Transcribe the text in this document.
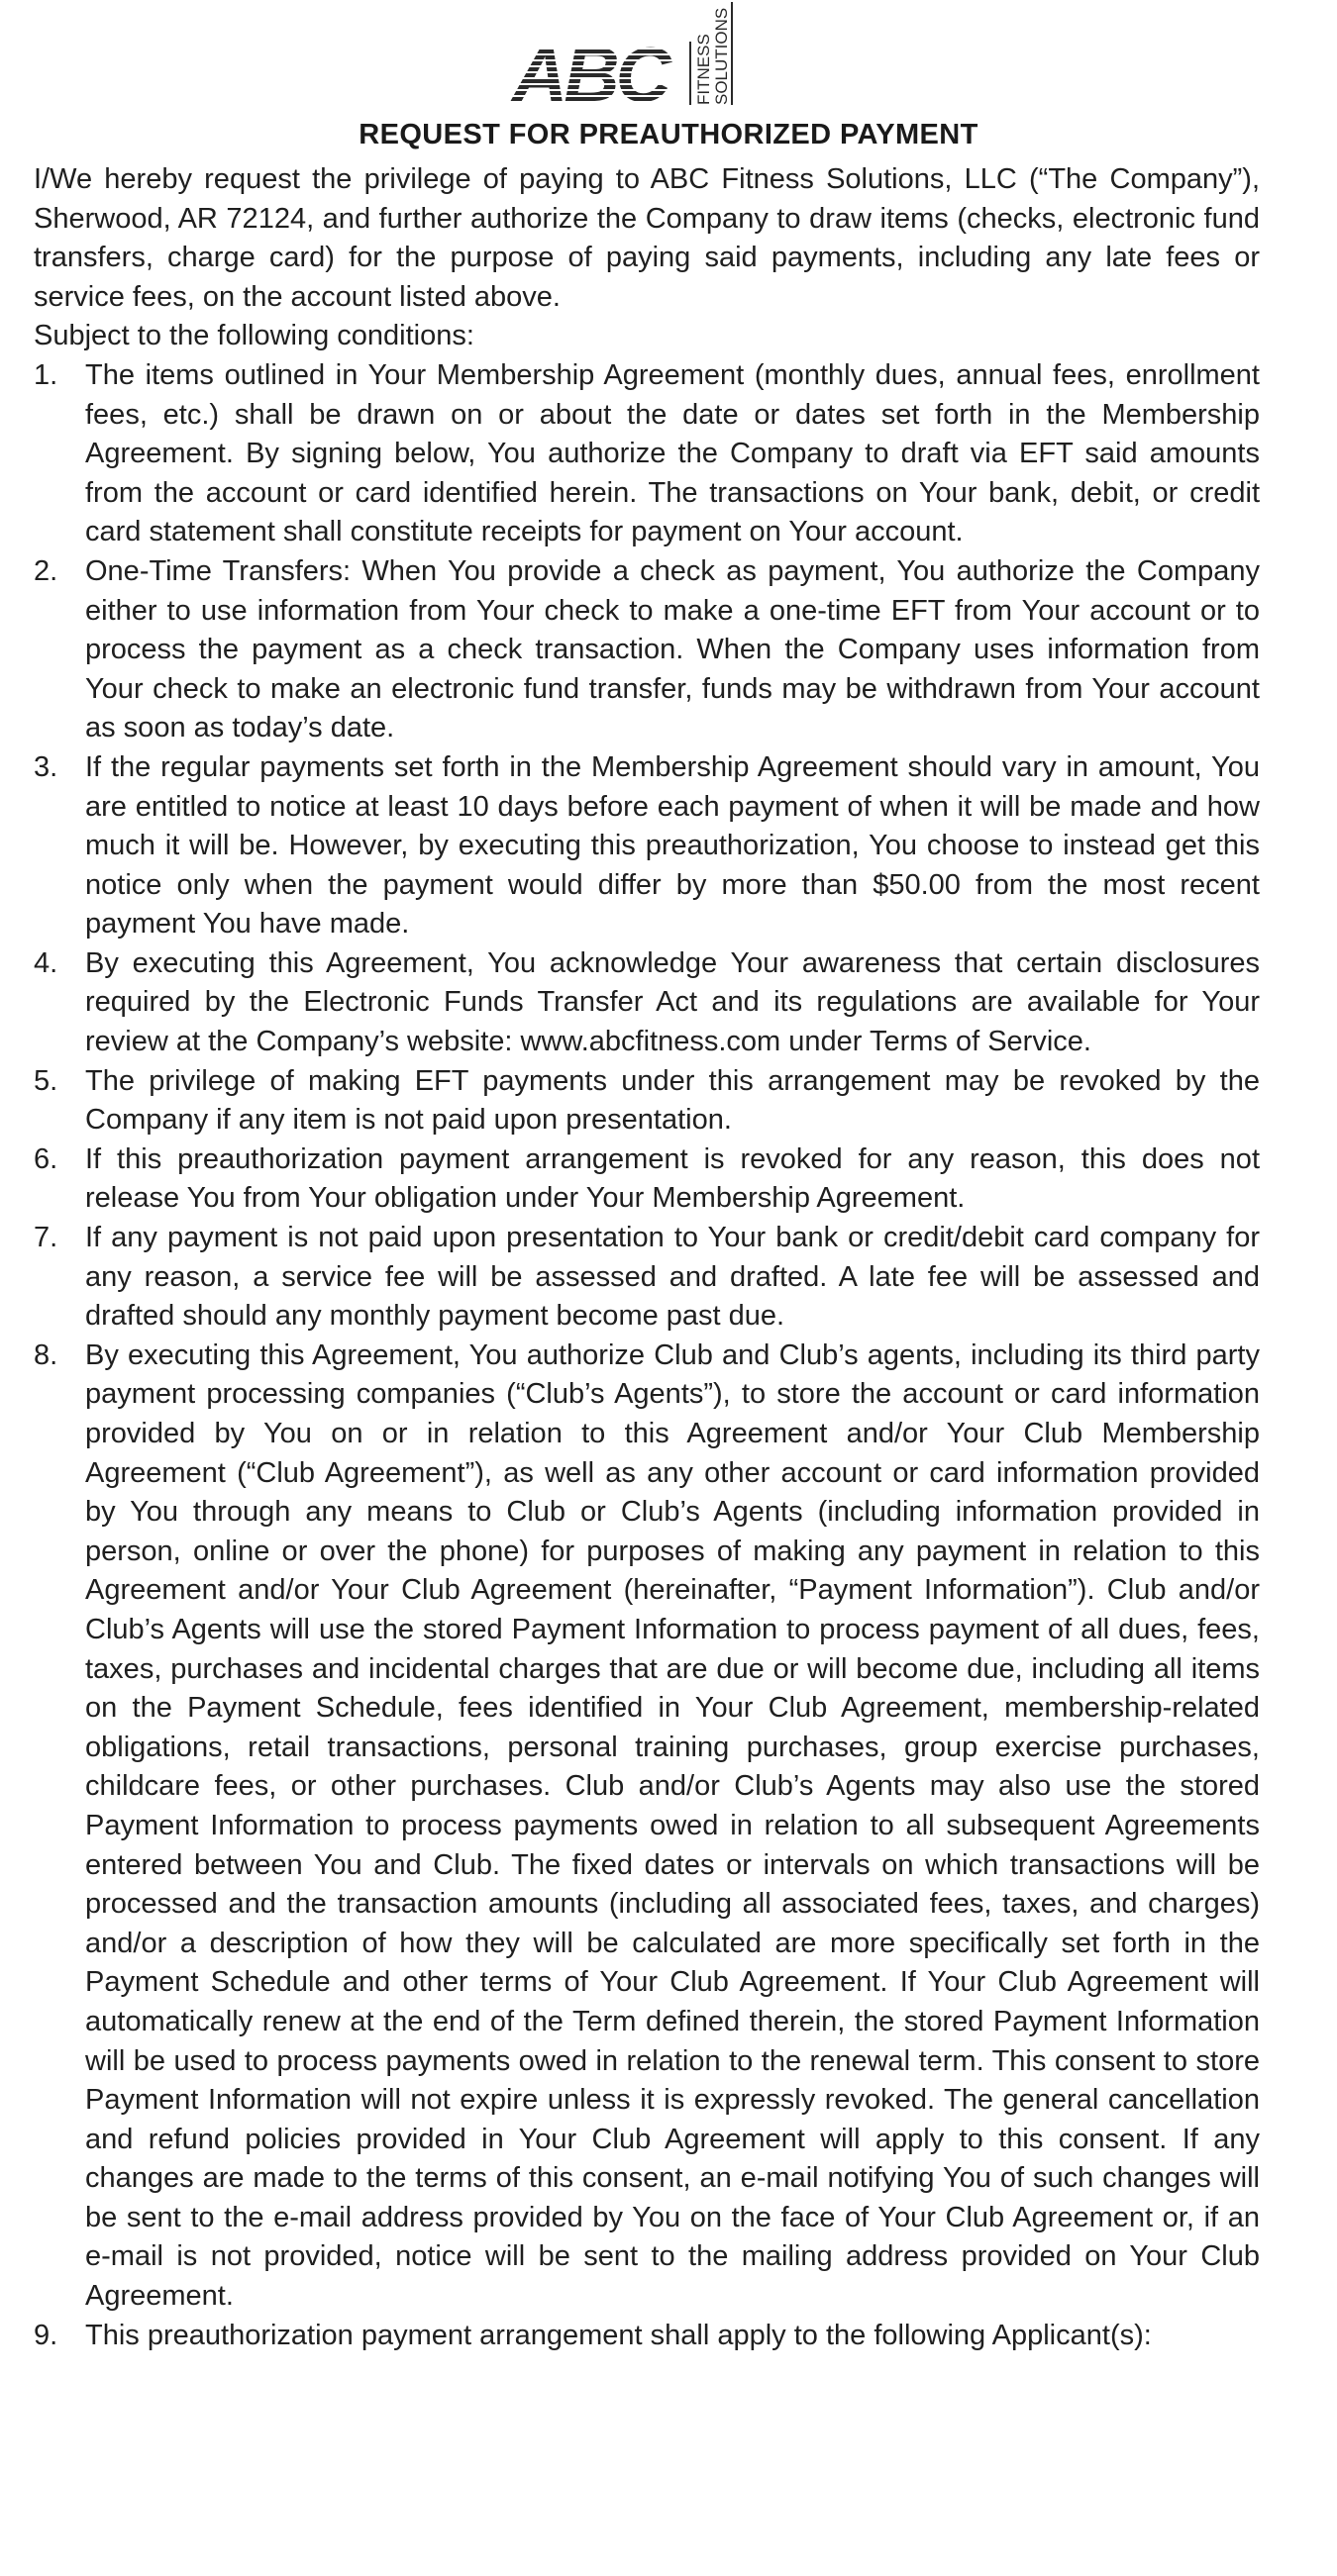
ABC	FITNESS SOLUTIONS
REQUEST FOR PREAUTHORIZED PAYMENT

I/We hereby request the privilege of paying to ABC Fitness Solutions, LLC (“The Company”), Sherwood, AR 72124, and further authorize the Company to draw items (checks, electronic fund transfers, charge card) for the purpose of paying said payments, including any late fees or service fees, on the account listed above.

Subject to the following conditions:

1. The items outlined in Your Membership Agreement (monthly dues, annual fees, enrollment fees, etc.) shall be drawn on or about the date or dates set forth in the Membership Agreement. By signing below, You authorize the Company to draft via EFT said amounts from the account or card identified herein. The transactions on Your bank, debit, or credit card statement shall constitute receipts for payment on Your account.
2. One-Time Transfers: When You provide a check as payment, You authorize the Company either to use information from Your check to make a one-time EFT from Your account or to process the payment as a check transaction. When the Company uses information from Your check to make an electronic fund transfer, funds may be withdrawn from Your account as soon as today’s date.
3. If the regular payments set forth in the Membership Agreement should vary in amount, You are entitled to notice at least 10 days before each payment of when it will be made and how much it will be. However, by executing this preauthorization, You choose to instead get this notice only when the payment would differ by more than $50.00 from the most recent payment You have made.
4. By executing this Agreement, You acknowledge Your awareness that certain disclosures required by the Electronic Funds Transfer Act and its regulations are available for Your review at the Company’s website: www.abcfitness.com under Terms of Service.
5. The privilege of making EFT payments under this arrangement may be revoked by the Company if any item is not paid upon presentation.
6. If this preauthorization payment arrangement is revoked for any reason, this does not release You from Your obligation under Your Membership Agreement.
7. If any payment is not paid upon presentation to Your bank or credit/debit card company for any reason, a service fee will be assessed and drafted. A late fee will be assessed and drafted should any monthly payment become past due.
8. By executing this Agreement, You authorize Club and Club’s agents, including its third party payment processing companies (“Club’s Agents”), to store the account or card information provided by You on or in relation to this Agreement and/or Your Club Membership Agreement (“Club Agreement”), as well as any other account or card information provided by You through any means to Club or Club’s Agents (including information provided in person, online or over the phone) for purposes of making any payment in relation to this Agreement and/or Your Club Agreement (hereinafter, “Payment Information”). Club and/or Club’s Agents will use the stored Payment Information to process payment of all dues, fees, taxes, purchases and incidental charges that are due or will become due, including all items on the Payment Schedule, fees identified in Your Club Agreement, membership-related obligations, retail transactions, personal training purchases, group exercise purchases, childcare fees, or other purchases. Club and/or Club’s Agents may also use the stored Payment Information to process payments owed in relation to all subsequent Agreements entered between You and Club. The fixed dates or intervals on which transactions will be processed and the transaction amounts (including all associated fees, taxes, and charges) and/or a description of how they will be calculated are more specifically set forth in the Payment Schedule and other terms of Your Club Agreement. If Your Club Agreement will automatically renew at the end of the Term defined therein, the stored Payment Information will be used to process payments owed in relation to the renewal term. This consent to store Payment Information will not expire unless it is expressly revoked. The general cancellation and refund policies provided in Your Club Agreement will apply to this consent. If any changes are made to the terms of this consent, an e-mail notifying You of such changes will be sent to the e-mail address provided by You on the face of Your Club Agreement or, if an e-mail is not provided, notice will be sent to the mailing address provided on Your Club Agreement.
9. This preauthorization payment arrangement shall apply to the following Applicant(s):
